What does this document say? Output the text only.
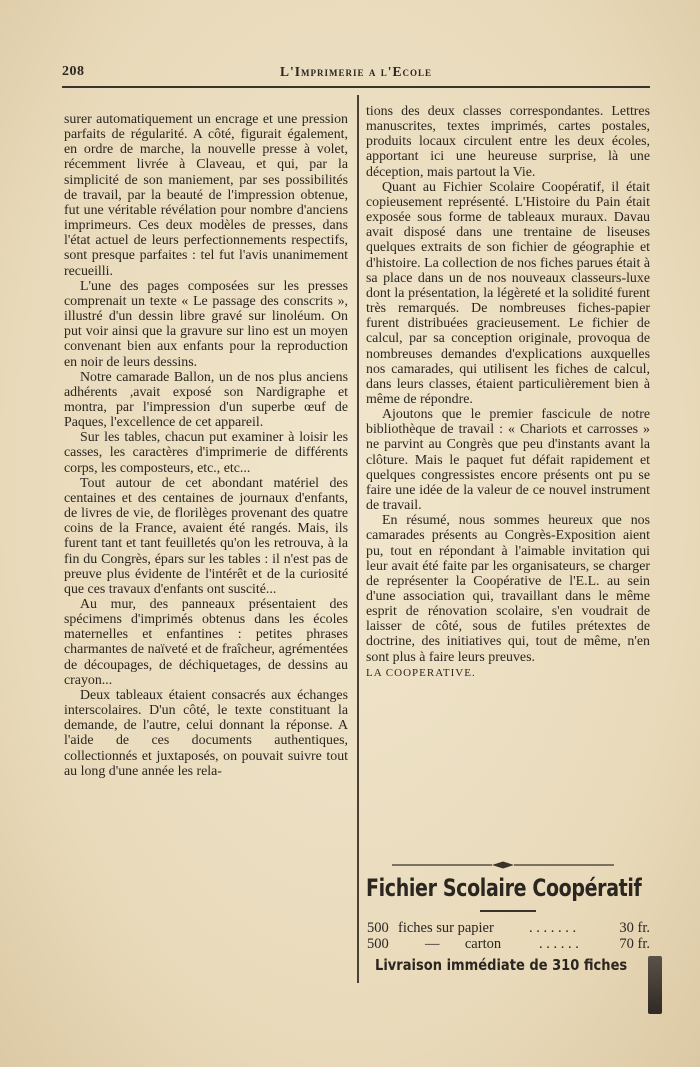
208	L'Imprimerie a l'Ecole

surer automatiquement un encrage et une pression parfaits de régularité. A côté, figurait également, en ordre de marche, la nouvelle presse à volet, récemment livrée à Claveau, et qui, par la simplicité de son maniement, par ses possibilités de travail, par la beauté de l'impression obtenue, fut une véritable révélation pour nombre d'anciens imprimeurs. Ces deux modèles de presses, dans l'état actuel de leurs perfectionnements respectifs, sont presque parfaites : tel fut l'avis unanimement recueilli.

L'une des pages composées sur les presses comprenait un texte « Le passage des conscrits », illustré d'un dessin libre gravé sur linoléum. On put voir ainsi que la gravure sur lino est un moyen convenant bien aux enfants pour la reproduction en noir de leurs dessins.

Notre camarade Ballon, un de nos plus anciens adhérents ,avait exposé son Nardigraphe et montra, par l'impression d'un superbe œuf de Paques, l'excellence de cet appareil.

Sur les tables, chacun put examiner à loisir les casses, les caractères d'imprimerie de différents corps, les composteurs, etc., etc...

Tout autour de cet abondant matériel des centaines et des centaines de journaux d'enfants, de livres de vie, de florilèges provenant des quatre coins de la France, avaient été rangés. Mais, ils furent tant et tant feuilletés qu'on les retrouva, à la fin du Congrès, épars sur les tables : il n'est pas de preuve plus évidente de l'intérêt et de la curiosité que ces travaux d'enfants ont suscité...

Au mur, des panneaux présentaient des spécimens d'imprimés obtenus dans les écoles maternelles et enfantines : petites phrases charmantes de naïveté et de fraîcheur, agrémentées de découpages, de déchiquetages, de dessins au crayon...

Deux tableaux étaient consacrés aux échanges interscolaires. D'un côté, le texte constituant la demande, de l'autre, celui donnant la réponse. A l'aide de ces documents authentiques, collectionnés et juxtaposés, on pouvait suivre tout au long d'une année les rela-

tions des deux classes correspondantes. Lettres manuscrites, textes imprimés, cartes postales, produits locaux circulent entre les deux écoles, apportant ici une heureuse surprise, là une déception, mais partout la Vie.

Quant au Fichier Scolaire Coopératif, il était copieusement représenté. L'Histoire du Pain était exposée sous forme de tableaux muraux. Davau avait disposé dans une trentaine de liseuses quelques extraits de son fichier de géographie et d'histoire. La collection de nos fiches parues était à sa place dans un de nos nouveaux classeurs-luxe dont la présentation, la légèreté et la solidité furent très remarqués. De nombreuses fiches-papier furent distribuées gracieusement. Le fichier de calcul, par sa conception originale, provoqua de nombreuses demandes d'explications auxquelles nos camarades, qui utilisent les fiches de calcul, dans leurs classes, étaient particulièrement bien à même de répondre.

Ajoutons que le premier fascicule de notre bibliothèque de travail : « Chariots et carrosses » ne parvint au Congrès que peu d'instants avant la clôture. Mais le paquet fut défait rapidement et quelques congressistes encore présents ont pu se faire une idée de la valeur de ce nouvel instrument de travail.

En résumé, nous sommes heureux que nos camarades présents au Congrès-Exposition aient pu, tout en répondant à l'aimable invitation qui leur avait été faite par les organisateurs, se charger de représenter la Coopérative de l'E.L. au sein d'une association qui, travaillant dans le même esprit de rénovation scolaire, s'en voudrait de laisser de côté, sous de futiles prétextes de doctrine, des initiatives qui, tout de même, n'en sont plus à faire leurs preuves.

LA COOPERATIVE.

Fichier Scolaire Coopératif
500 fiches sur papier . . . . . . .	30 fr.
500	—       carton	. . . . . .	70 fr.
Livraison immédiate de 310 fiches
